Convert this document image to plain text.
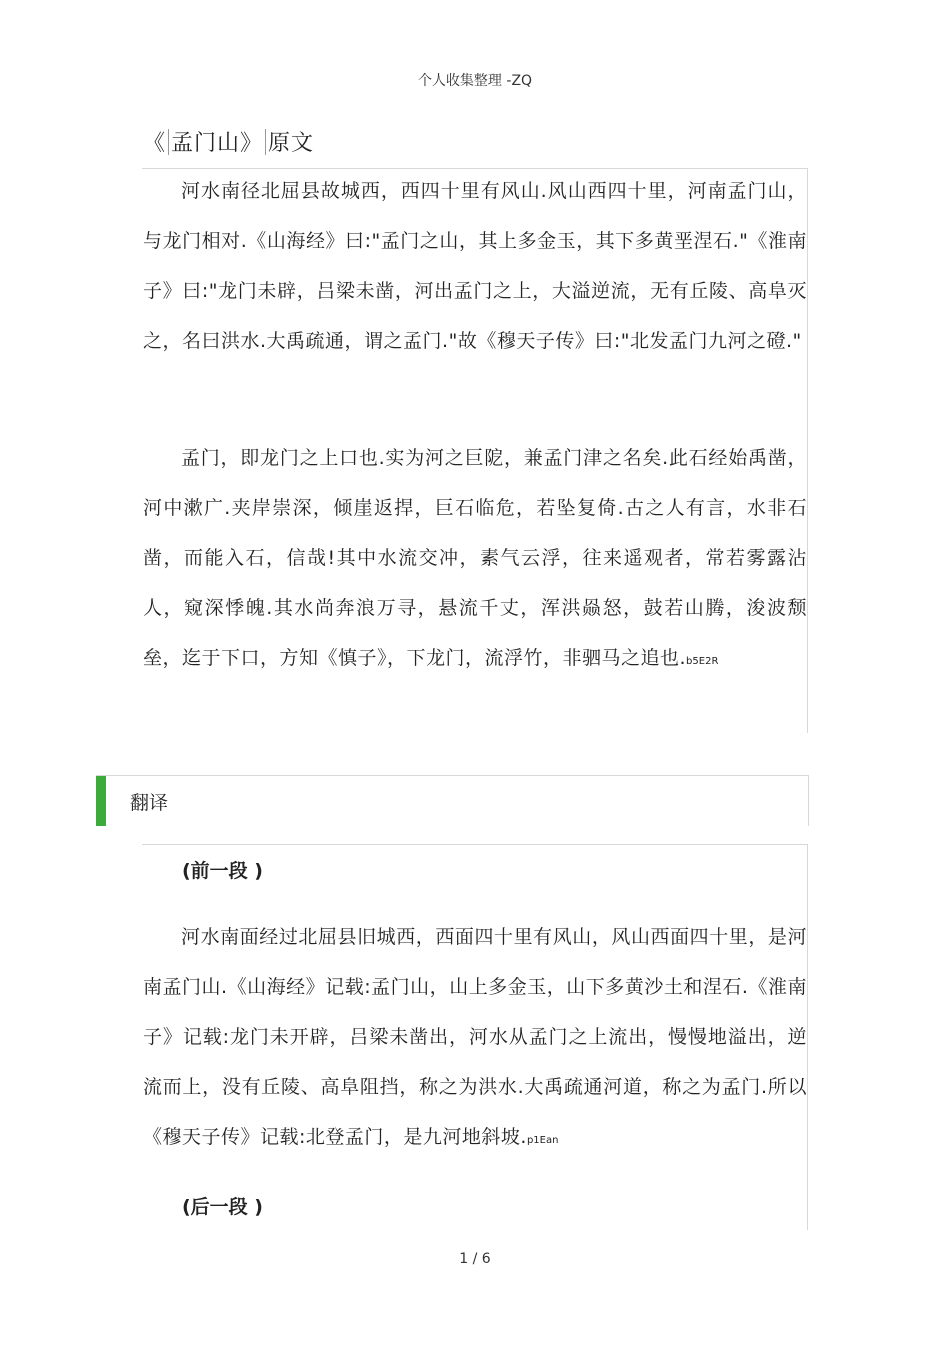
个人收集整理 -ZQ
《 孟门山》 原文

河水南径北屈县故城西，西四十里有风山.风山西四十里，河南孟门山，与龙门相对.《山海经》曰:"孟门之山，其上多金玉，其下多黄垩涅石."《淮南子》曰:"龙门未辟，吕梁未凿，河出孟门之上，大溢逆流，无有丘陵、高阜灭之，名曰洪水.大禹疏通，谓之孟门."故《穆天子传》曰:"北发孟门九河之磴."

孟门，即龙门之上口也.实为河之巨阸，兼孟门津之名矣.此石经始禹凿，河中漱广.夹岸崇深，倾崖返捍，巨石临危，若坠复倚.古之人有言，水非石凿，而能入石，信哉!其中水流交冲，素气云浮，往来遥观者，常若雾露沾人，窥深悸魄.其水尚奔浪万寻，悬流千丈，浑洪赑怒，鼓若山腾，浚波颓垒，迄于下口，方知《慎子》，下龙门，流浮竹，非驷马之追也.b5E2R

翻译
(前一段 )

河水南面经过北屈县旧城西，西面四十里有风山，风山西面四十里，是河南孟门山.《山海经》记载:孟门山，山上多金玉，山下多黄沙土和涅石.《淮南子》记载:龙门未开辟，吕梁未凿出，河水从孟门之上流出，慢慢地溢出，逆流而上，没有丘陵、高阜阻挡，称之为洪水.大禹疏通河道，称之为孟门.所以《穆天子传》记载:北登孟门，是九河地斜坡.p1Ean

(后一段 )
1 / 6
